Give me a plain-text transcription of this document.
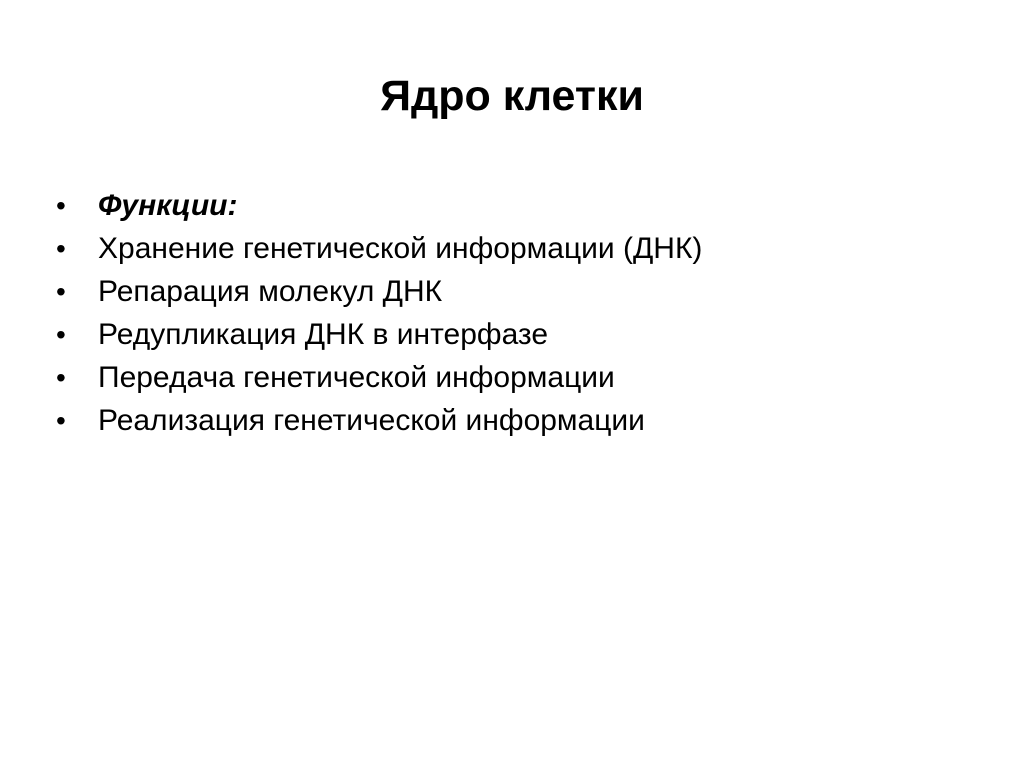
Ядро клетки
•	Функции:
•	Хранение генетической информации (ДНК)
•	Репарация молекул ДНК
•	Редупликация ДНК в интерфазе
•	Передача генетической информации
•	Реализация генетической информации
